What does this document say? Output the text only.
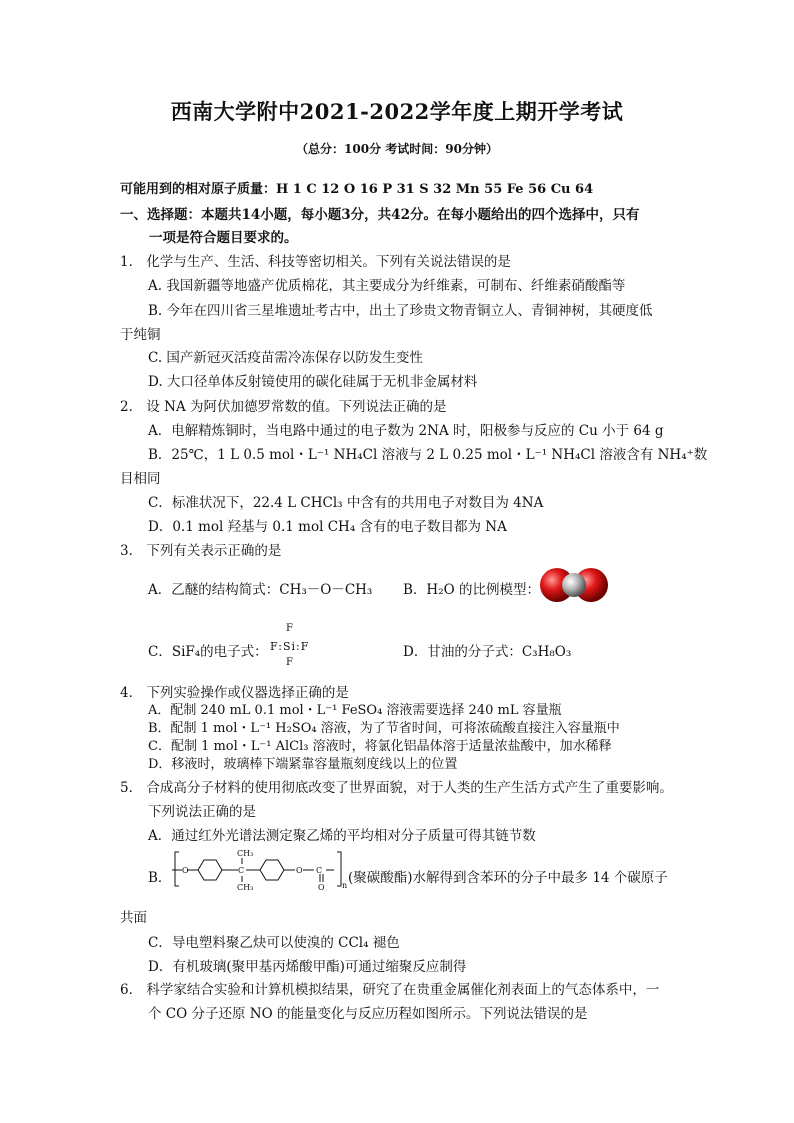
西南大学附中2021-2022学年度上期开学考试
（总分：100分 考试时间：90分钟）
可能用到的相对原子质量：H 1 C 12 O 16 P 31 S 32 Mn 55 Fe 56 Cu 64
一、选择题：本题共14小题，每小题3分，共42分。在每小题给出的四个选择中，只有
一项是符合题目要求的。
1． 化学与生产、生活、科技等密切相关。下列有关说法错误的是
A. 我国新疆等地盛产优质棉花，其主要成分为纤维素，可制布、纤维素硝酸酯等
B. 今年在四川省三星堆遗址考古中，出土了珍贵文物青铜立人、青铜神树，其硬度低
于纯铜
C. 国产新冠灭活疫苗需冷冻保存以防发生变性
D. 大口径单体反射镜使用的碳化硅属于无机非金属材料
2． 设 NA 为阿伏加德罗常数的值。下列说法正确的是
A．电解精炼铜时，当电路中通过的电子数为 2NA 时，阳极参与反应的 Cu 小于 64 g
B．25℃，1 L 0.5 mol・L⁻¹ NH₄Cl 溶液与 2 L 0.25 mol・L⁻¹ NH₄Cl 溶液含有 NH₄⁺数
目相同
C．标准状况下，22.4 L CHCl₃ 中含有的共用电子对数目为 4NA
D．0.1 mol 羟基与 0.1 mol CH₄ 含有的电子数目都为 NA
3． 下列有关表示正确的是
A．乙醚的结构简式：CH₃－O－CH₃ B．H₂O 的比例模型：
C．SiF₄的电子式：
F
F:Si:F
F
D．甘油的分子式：C₃H₈O₃
4． 下列实验操作或仪器选择正确的是
A．配制 240 mL 0.1 mol・L⁻¹ FeSO₄ 溶液需要选择 240 mL 容量瓶
B．配制 1 mol・L⁻¹ H₂SO₄ 溶液，为了节省时间，可将浓硫酸直接注入容量瓶中
C．配制 1 mol・L⁻¹ AlCl₃ 溶液时，将氯化铝晶体溶于适量浓盐酸中，加水稀释
D．移液时，玻璃棒下端紧靠容量瓶刻度线以上的位置
5． 合成高分子材料的使用彻底改变了世界面貌，对于人类的生产生活方式产生了重要影响。
下列说法正确的是
A．通过红外光谱法测定聚乙烯的平均相对分子质量可得其链节数
B． O	C
CH₃
CH₃
O C
O n (聚碳酸酯)水解得到含苯环的分子中最多 14 个碳原子
共面
C．导电塑料聚乙炔可以使溴的 CCl₄ 褪色
D．有机玻璃(聚甲基丙烯酸甲酯)可通过缩聚反应制得
6． 科学家结合实验和计算机模拟结果，研究了在贵重金属催化剂表面上的气态体系中，一
个 CO 分子还原 NO 的能量变化与反应历程如图所示。下列说法错误的是
